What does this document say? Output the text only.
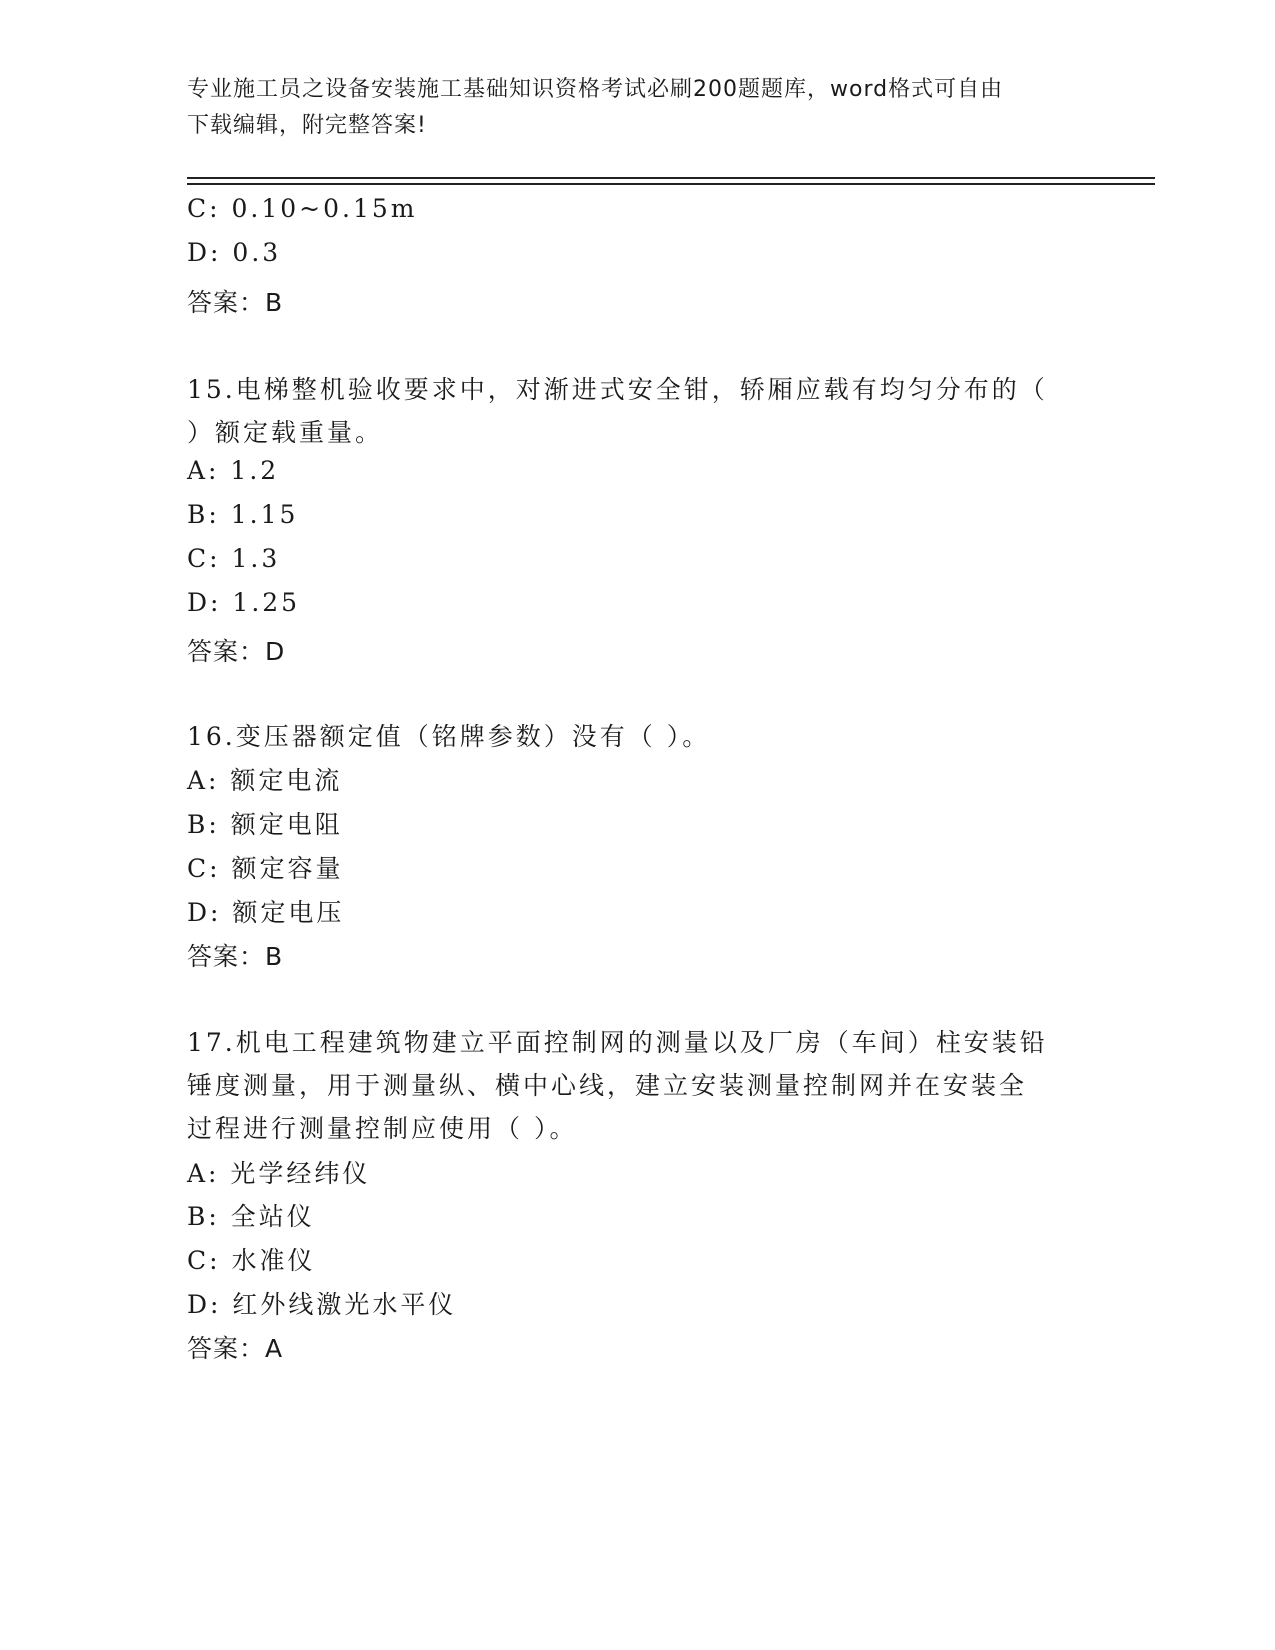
专业施工员之设备安装施工基础知识资格考试必刷200题题库，word格式可自由
下载编辑，附完整答案!
C: 0.10~0.15m
D: 0.3
答案：B
15.电梯整机验收要求中，对渐进式安全钳，轿厢应载有均匀分布的（
）额定载重量。
A: 1.2
B: 1.15
C: 1.3
D: 1.25
答案：D
16.变压器额定值（铭牌参数）没有（ ）。
A: 额定电流
B: 额定电阻
C: 额定容量
D: 额定电压
答案：B
17.机电工程建筑物建立平面控制网的测量以及厂房（车间）柱安装铅
锤度测量，用于测量纵、横中心线，建立安装测量控制网并在安装全
过程进行测量控制应使用（ ）。
A: 光学经纬仪
B: 全站仪
C: 水准仪
D: 红外线激光水平仪
答案：A
